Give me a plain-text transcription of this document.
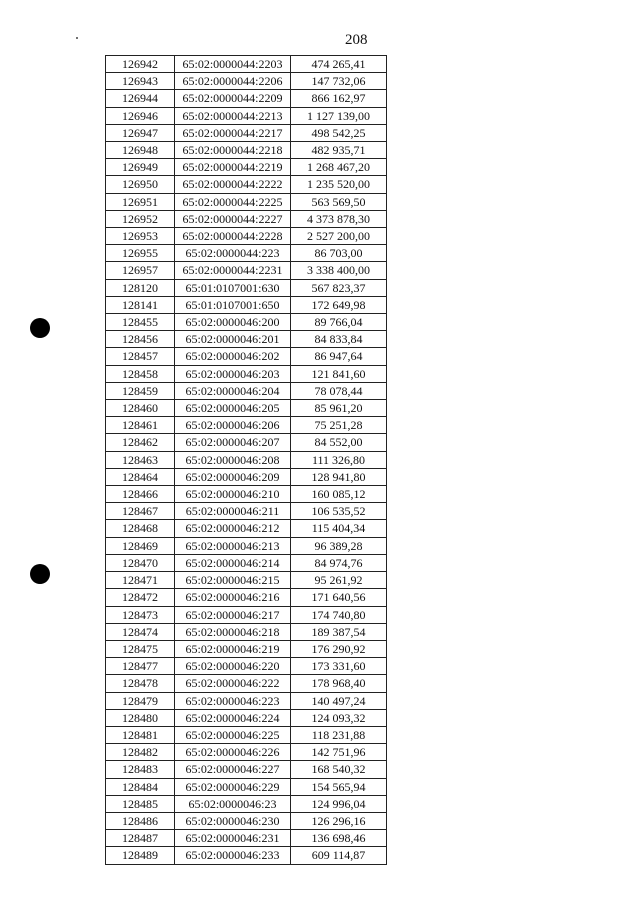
208
126942	65:02:0000044:2203	474 265,41
126943	65:02:0000044:2206	147 732,06
126944	65:02:0000044:2209	866 162,97
126946	65:02:0000044:2213	1 127 139,00
126947	65:02:0000044:2217	498 542,25
126948	65:02:0000044:2218	482 935,71
126949	65:02:0000044:2219	1 268 467,20
126950	65:02:0000044:2222	1 235 520,00
126951	65:02:0000044:2225	563 569,50
126952	65:02:0000044:2227	4 373 878,30
126953	65:02:0000044:2228	2 527 200,00
126955	65:02:0000044:223	86 703,00
126957	65:02:0000044:2231	3 338 400,00
128120	65:01:0107001:630	567 823,37
128141	65:01:0107001:650	172 649,98
128455	65:02:0000046:200	89 766,04
128456	65:02:0000046:201	84 833,84
128457	65:02:0000046:202	86 947,64
128458	65:02:0000046:203	121 841,60
128459	65:02:0000046:204	78 078,44
128460	65:02:0000046:205	85 961,20
128461	65:02:0000046:206	75 251,28
128462	65:02:0000046:207	84 552,00
128463	65:02:0000046:208	111 326,80
128464	65:02:0000046:209	128 941,80
128466	65:02:0000046:210	160 085,12
128467	65:02:0000046:211	106 535,52
128468	65:02:0000046:212	115 404,34
128469	65:02:0000046:213	96 389,28
128470	65:02:0000046:214	84 974,76
128471	65:02:0000046:215	95 261,92
128472	65:02:0000046:216	171 640,56
128473	65:02:0000046:217	174 740,80
128474	65:02:0000046:218	189 387,54
128475	65:02:0000046:219	176 290,92
128477	65:02:0000046:220	173 331,60
128478	65:02:0000046:222	178 968,40
128479	65:02:0000046:223	140 497,24
128480	65:02:0000046:224	124 093,32
128481	65:02:0000046:225	118 231,88
128482	65:02:0000046:226	142 751,96
128483	65:02:0000046:227	168 540,32
128484	65:02:0000046:229	154 565,94
128485	65:02:0000046:23	124 996,04
128486	65:02:0000046:230	126 296,16
128487	65:02:0000046:231	136 698,46
128489	65:02:0000046:233	609 114,87
